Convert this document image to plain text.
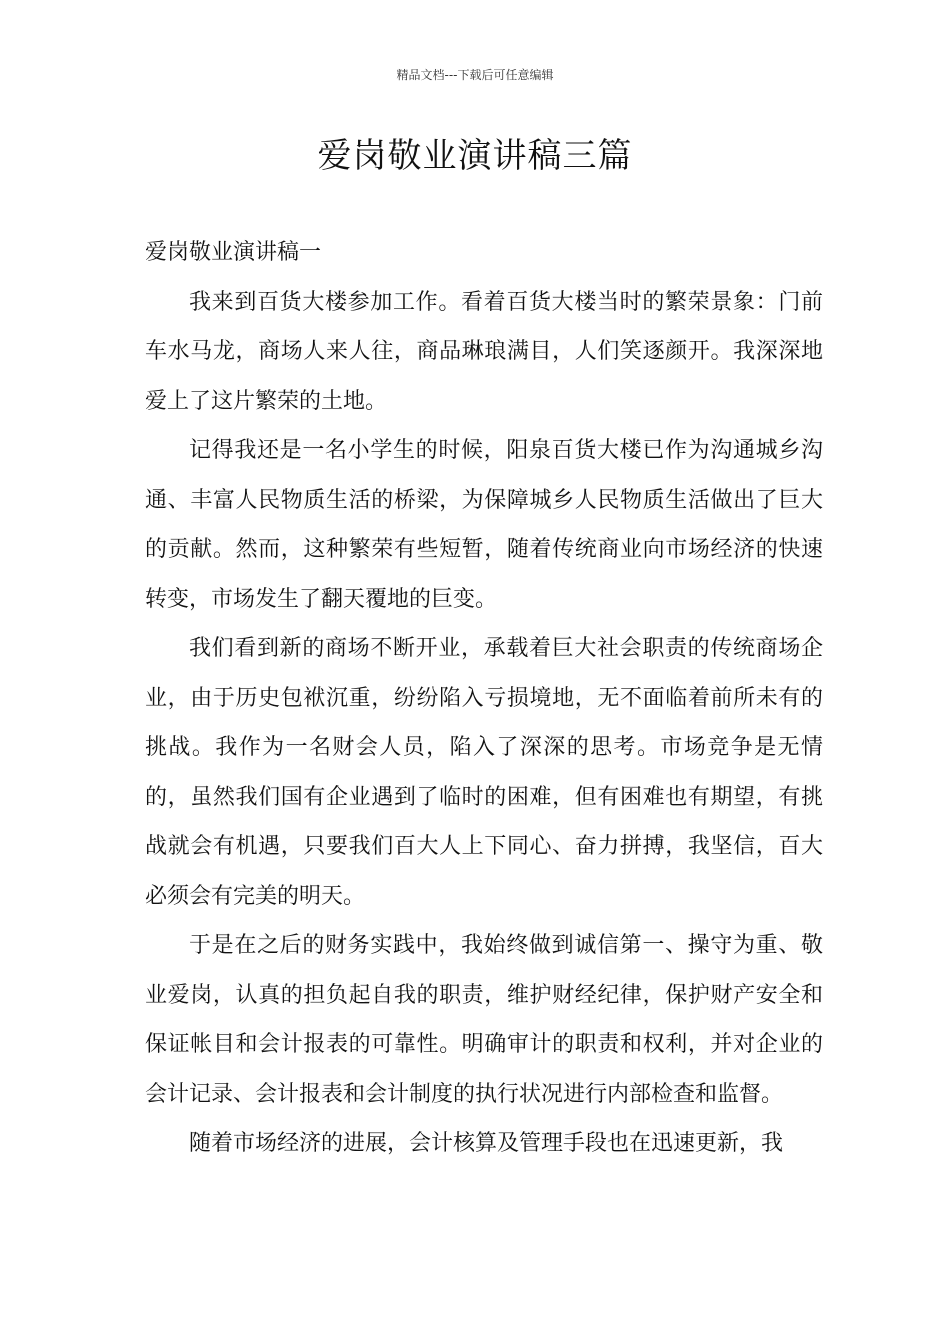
精品文档---下载后可任意编辑
爱岗敬业演讲稿三篇
爱岗敬业演讲稿一

我来到百货大楼参加工作。看着百货大楼当时的繁荣景象：门前车水马龙，商场人来人往，商品琳琅满目，人们笑逐颜开。我深深地爱上了这片繁荣的土地。

记得我还是一名小学生的时候，阳泉百货大楼已作为沟通城乡沟通、丰富人民物质生活的桥梁，为保障城乡人民物质生活做出了巨大的贡献。然而，这种繁荣有些短暂，随着传统商业向市场经济的快速转变，市场发生了翻天覆地的巨变。

我们看到新的商场不断开业，承载着巨大社会职责的传统商场企业，由于历史包袱沉重，纷纷陷入亏损境地，无不面临着前所未有的挑战。我作为一名财会人员，陷入了深深的思考。市场竞争是无情的，虽然我们国有企业遇到了临时的困难，但有困难也有期望，有挑战就会有机遇，只要我们百大人上下同心、奋力拼搏，我坚信，百大必须会有完美的明天。

于是在之后的财务实践中，我始终做到诚信第一、操守为重、敬业爱岗，认真的担负起自我的职责，维护财经纪律，保护财产安全和保证帐目和会计报表的可靠性。明确审计的职责和权利，并对企业的会计记录、会计报表和会计制度的执行状况进行内部检查和监督。

随着市场经济的进展，会计核算及管理手段也在迅速更新，我
